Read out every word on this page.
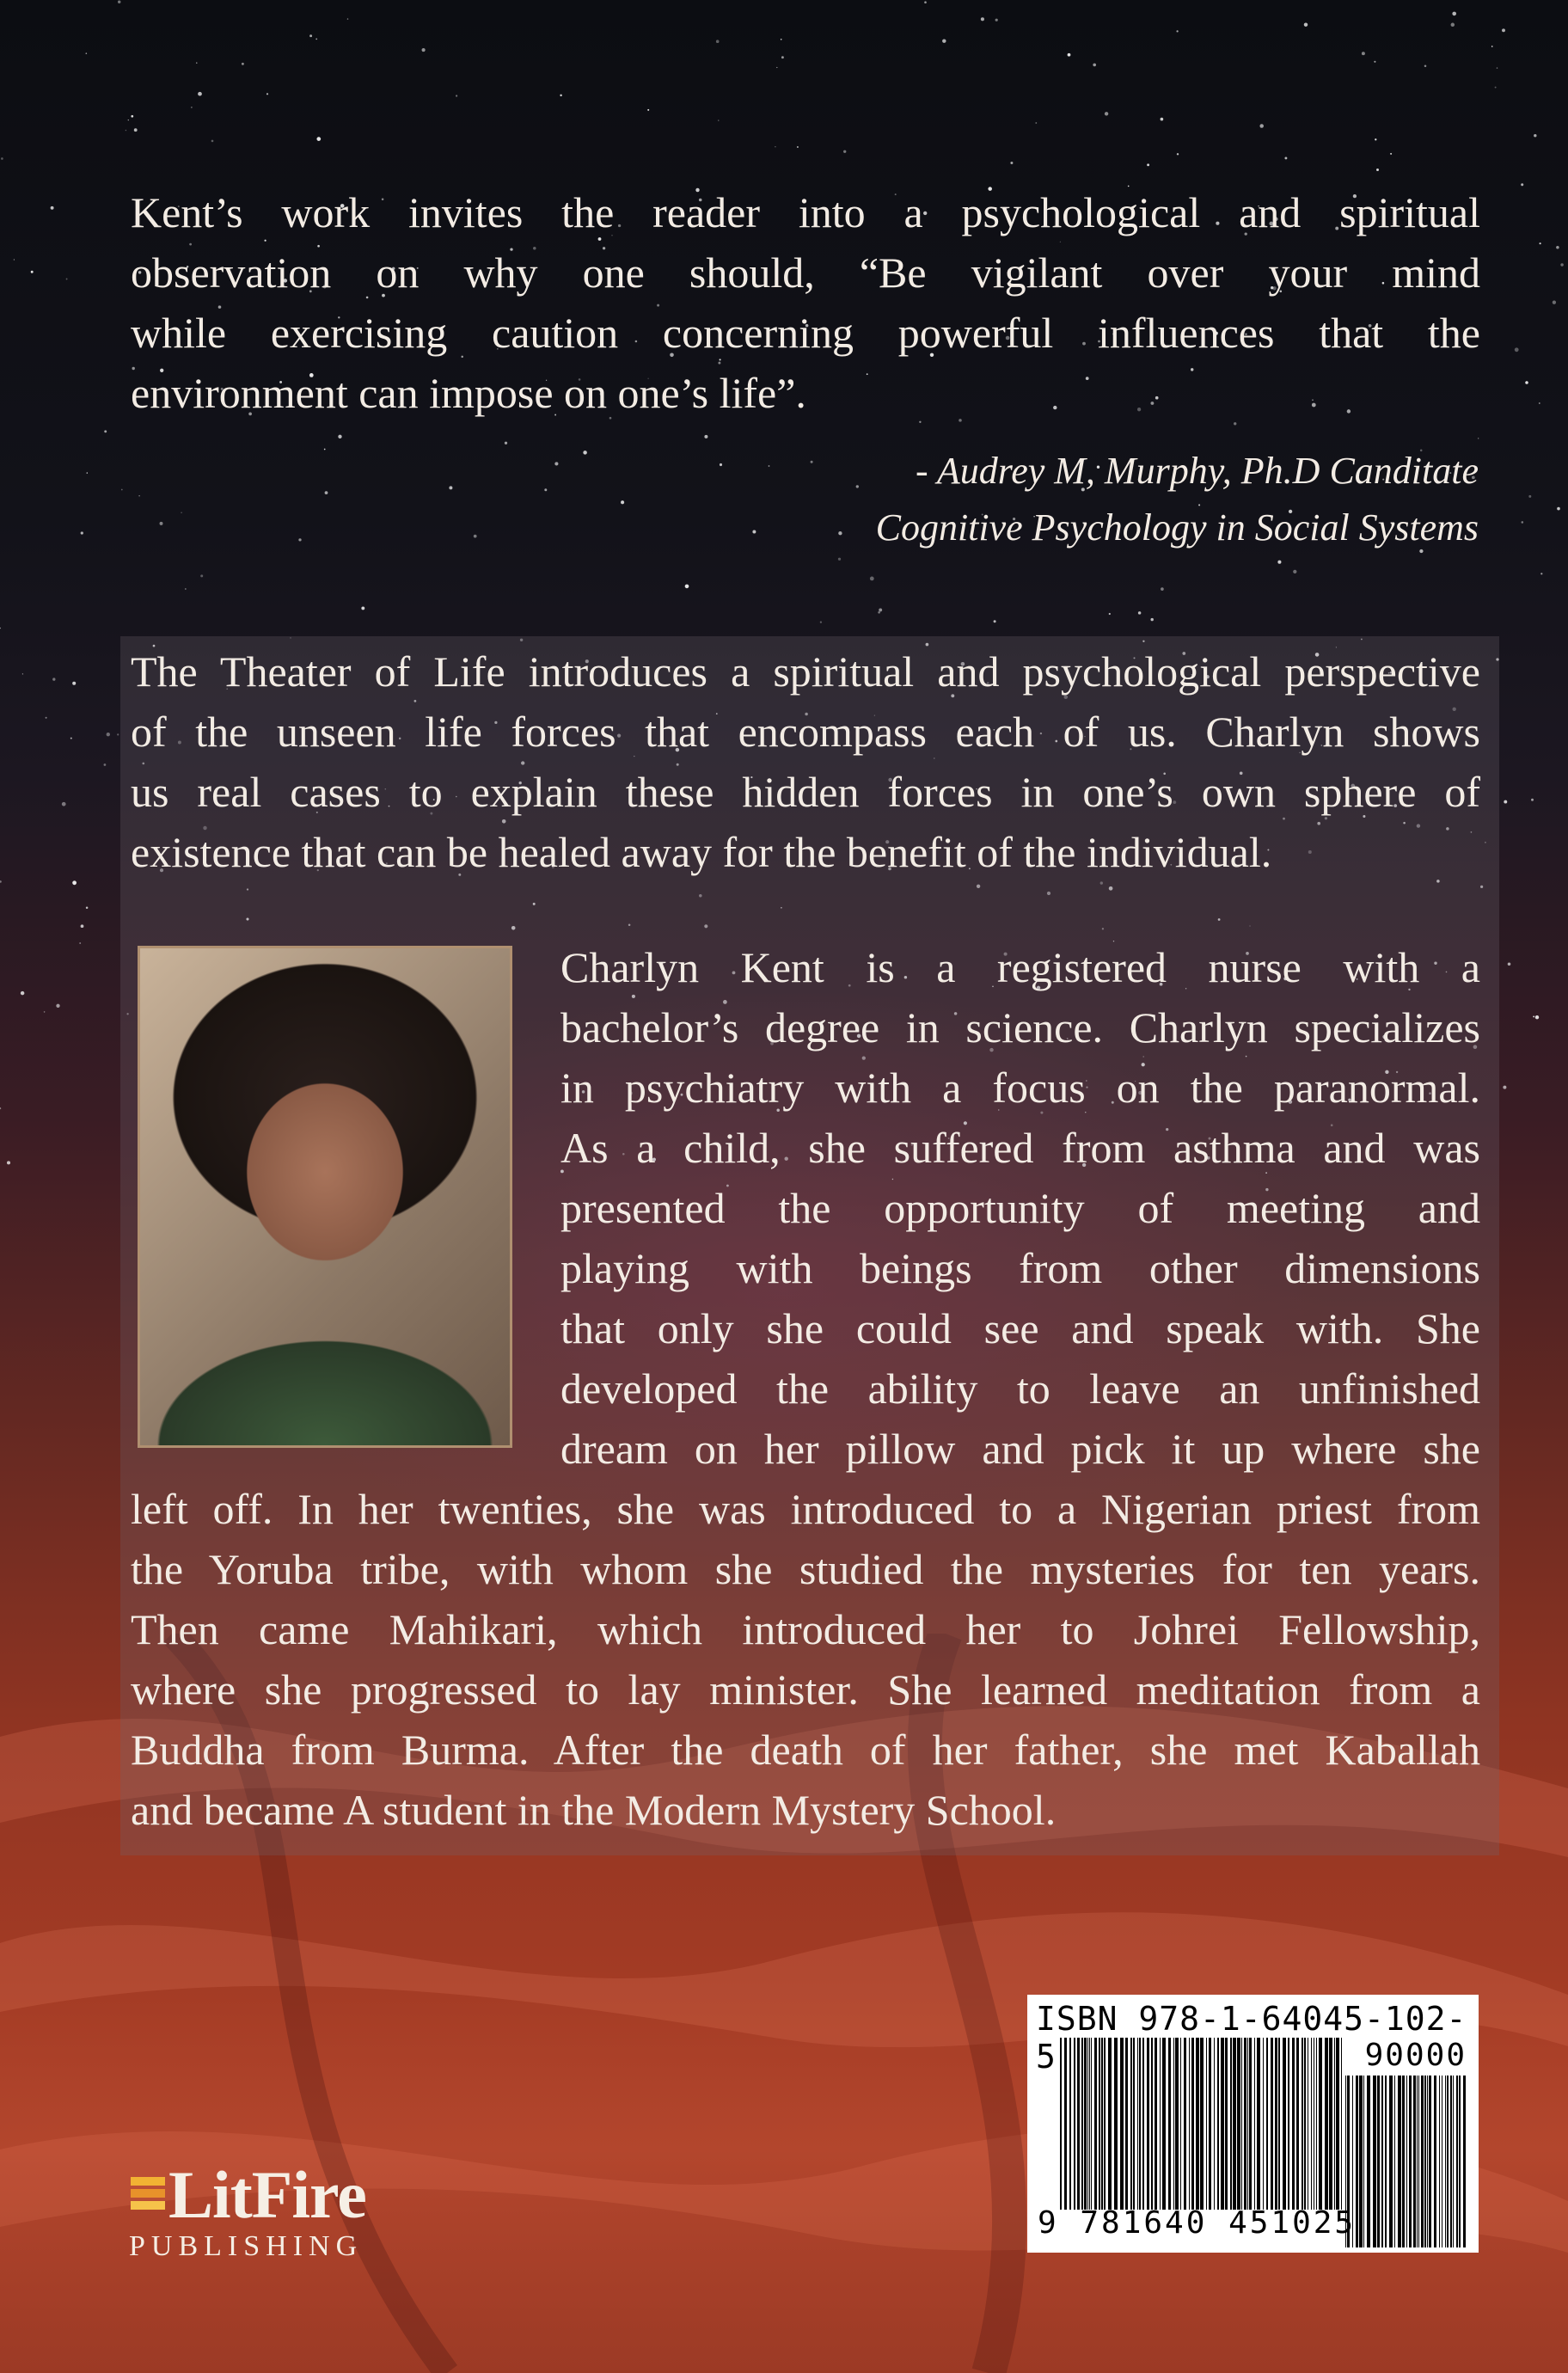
Kent’s work invites the reader into a psychological and spiritual
observation on why one should, “Be vigilant over your mind
while exercising caution concerning powerful influences that the
environment can impose on one’s life”.
- Audrey M, Murphy, Ph.D Canditate
Cognitive Psychology in Social Systems
The Theater of Life introduces a spiritual and psychological perspective
of the unseen life forces that encompass each of us. Charlyn shows
us real cases to explain these hidden forces in one’s own sphere of
existence that can be healed away for the benefit of the individual.
Charlyn Kent is a registered nurse with a
bachelor’s degree in science. Charlyn specializes
in psychiatry with a focus on the paranormal.
As a child, she suffered from asthma and was
presented the opportunity of meeting and
playing with beings from other dimensions
that only she could see and speak with. She
developed the ability to leave an unfinished
dream on her pillow and pick it up where she
left off. In her twenties, she was introduced to a Nigerian priest from
the Yoruba tribe, with whom she studied the mysteries for ten years.
Then came Mahikari, which introduced her to Johrei Fellowship,
where she progressed to lay minister. She learned meditation from a
Buddha from Burma. After the death of her father, she met Kaballah
and became A student in the Modern Mystery School.
ISBN 978-1-64045-102-5	90000
9 781640 451025
LitFire
PUBLISHING
